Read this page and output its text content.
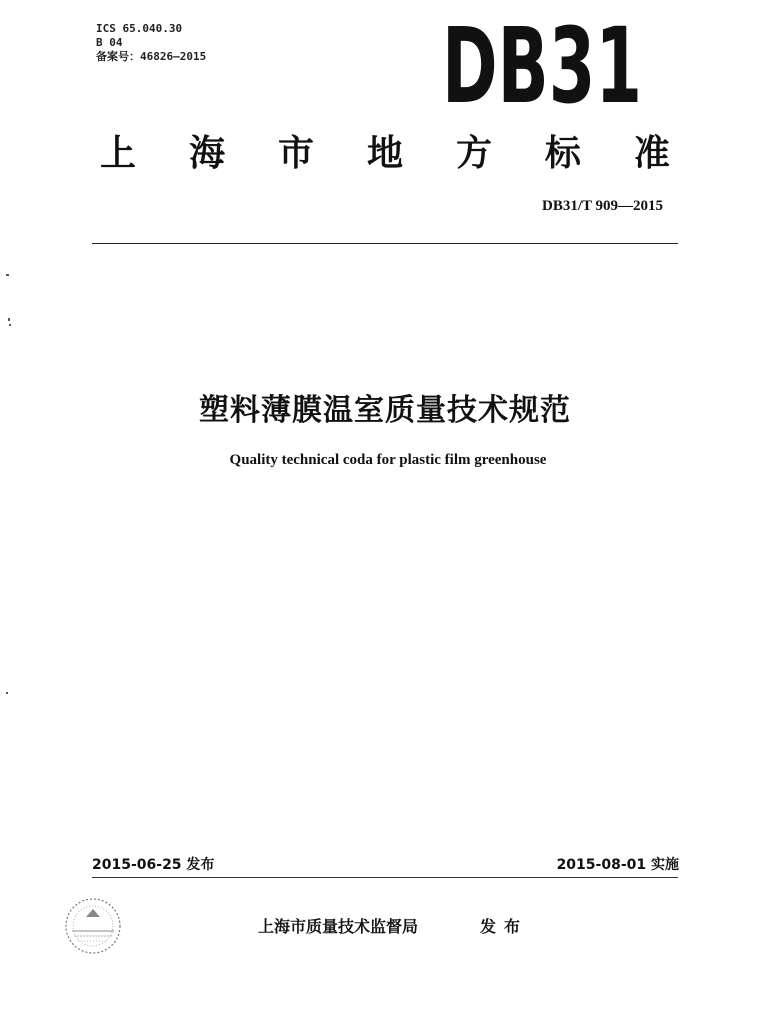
ICS 65.040.30
B 04
备案号：46826—2015 DB31
上 海 市 地 方 标 准
DB31/T 909—2015
塑料薄膜温室质量技术规范
Quality technical coda for plastic film greenhouse
2015-06-25 发布	2015-08-01 实施
上海市质量技术监督局	发布
